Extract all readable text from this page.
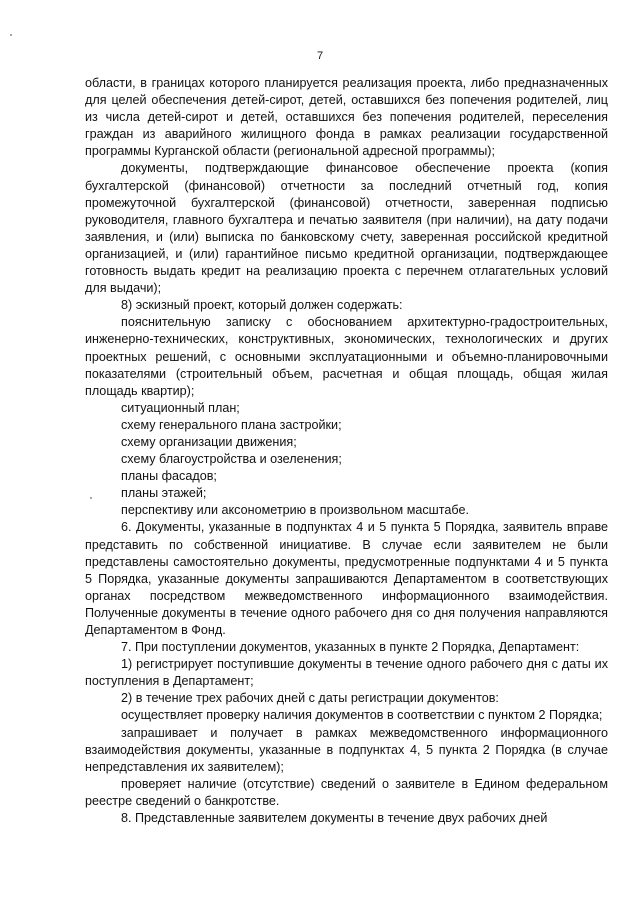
7

области, в границах которого планируется реализация проекта, либо предназначенных для целей обеспечения детей-сирот, детей, оставшихся без попечения родителей, лиц из числа детей-сирот и детей, оставшихся без попечения родителей, переселения граждан из аварийного жилищного фонда в рамках реализации государственной программы Курганской области (региональной адресной программы);

документы, подтверждающие финансовое обеспечение проекта (копия бухгалтерской (финансовой) отчетности за последний отчетный год, копия промежуточной бухгалтерской (финансовой) отчетности, заверенная подписью руководителя, главного бухгалтера и печатью заявителя (при наличии), на дату подачи заявления, и (или) выписка по банковскому счету, заверенная российской кредитной организацией, и (или) гарантийное письмо кредитной организации, подтверждающее готовность выдать кредит на реализацию проекта с перечнем отлагательных условий для выдачи);

8) эскизный проект, который должен содержать:

пояснительную записку с обоснованием архитектурно-градостроительных, инженерно-технических, конструктивных, экономических, технологических и других проектных решений, с основными эксплуатационными и объемно-планировочными показателями (строительный объем, расчетная и общая площадь, общая жилая площадь квартир);

ситуационный план;

схему генерального плана застройки;

схему организации движения;

схему благоустройства и озеленения;

планы фасадов;

планы этажей;

перспективу или аксонометрию в произвольном масштабе.

6. Документы, указанные в подпунктах 4 и 5 пункта 5 Порядка, заявитель вправе представить по собственной инициативе. В случае если заявителем не были представлены самостоятельно документы, предусмотренные подпунктами 4 и 5 пункта 5 Порядка, указанные документы запрашиваются Департаментом в соответствующих органах посредством межведомственного информационного взаимодействия. Полученные документы в течение одного рабочего дня со дня получения направляются Департаментом в Фонд.

7. При поступлении документов, указанных в пункте 2 Порядка, Департамент:

1) регистрирует поступившие документы в течение одного рабочего дня с даты их поступления в Департамент;

2) в течение трех рабочих дней с даты регистрации документов:

осуществляет проверку наличия документов в соответствии с пунктом 2 Порядка;

запрашивает и получает в рамках межведомственного информационного взаимодействия документы, указанные в подпунктах 4, 5 пункта 2 Порядка (в случае непредставления их заявителем);

проверяет наличие (отсутствие) сведений о заявителе в Едином федеральном реестре сведений о банкротстве.

8. Представленные заявителем документы в течение двух рабочих дней
